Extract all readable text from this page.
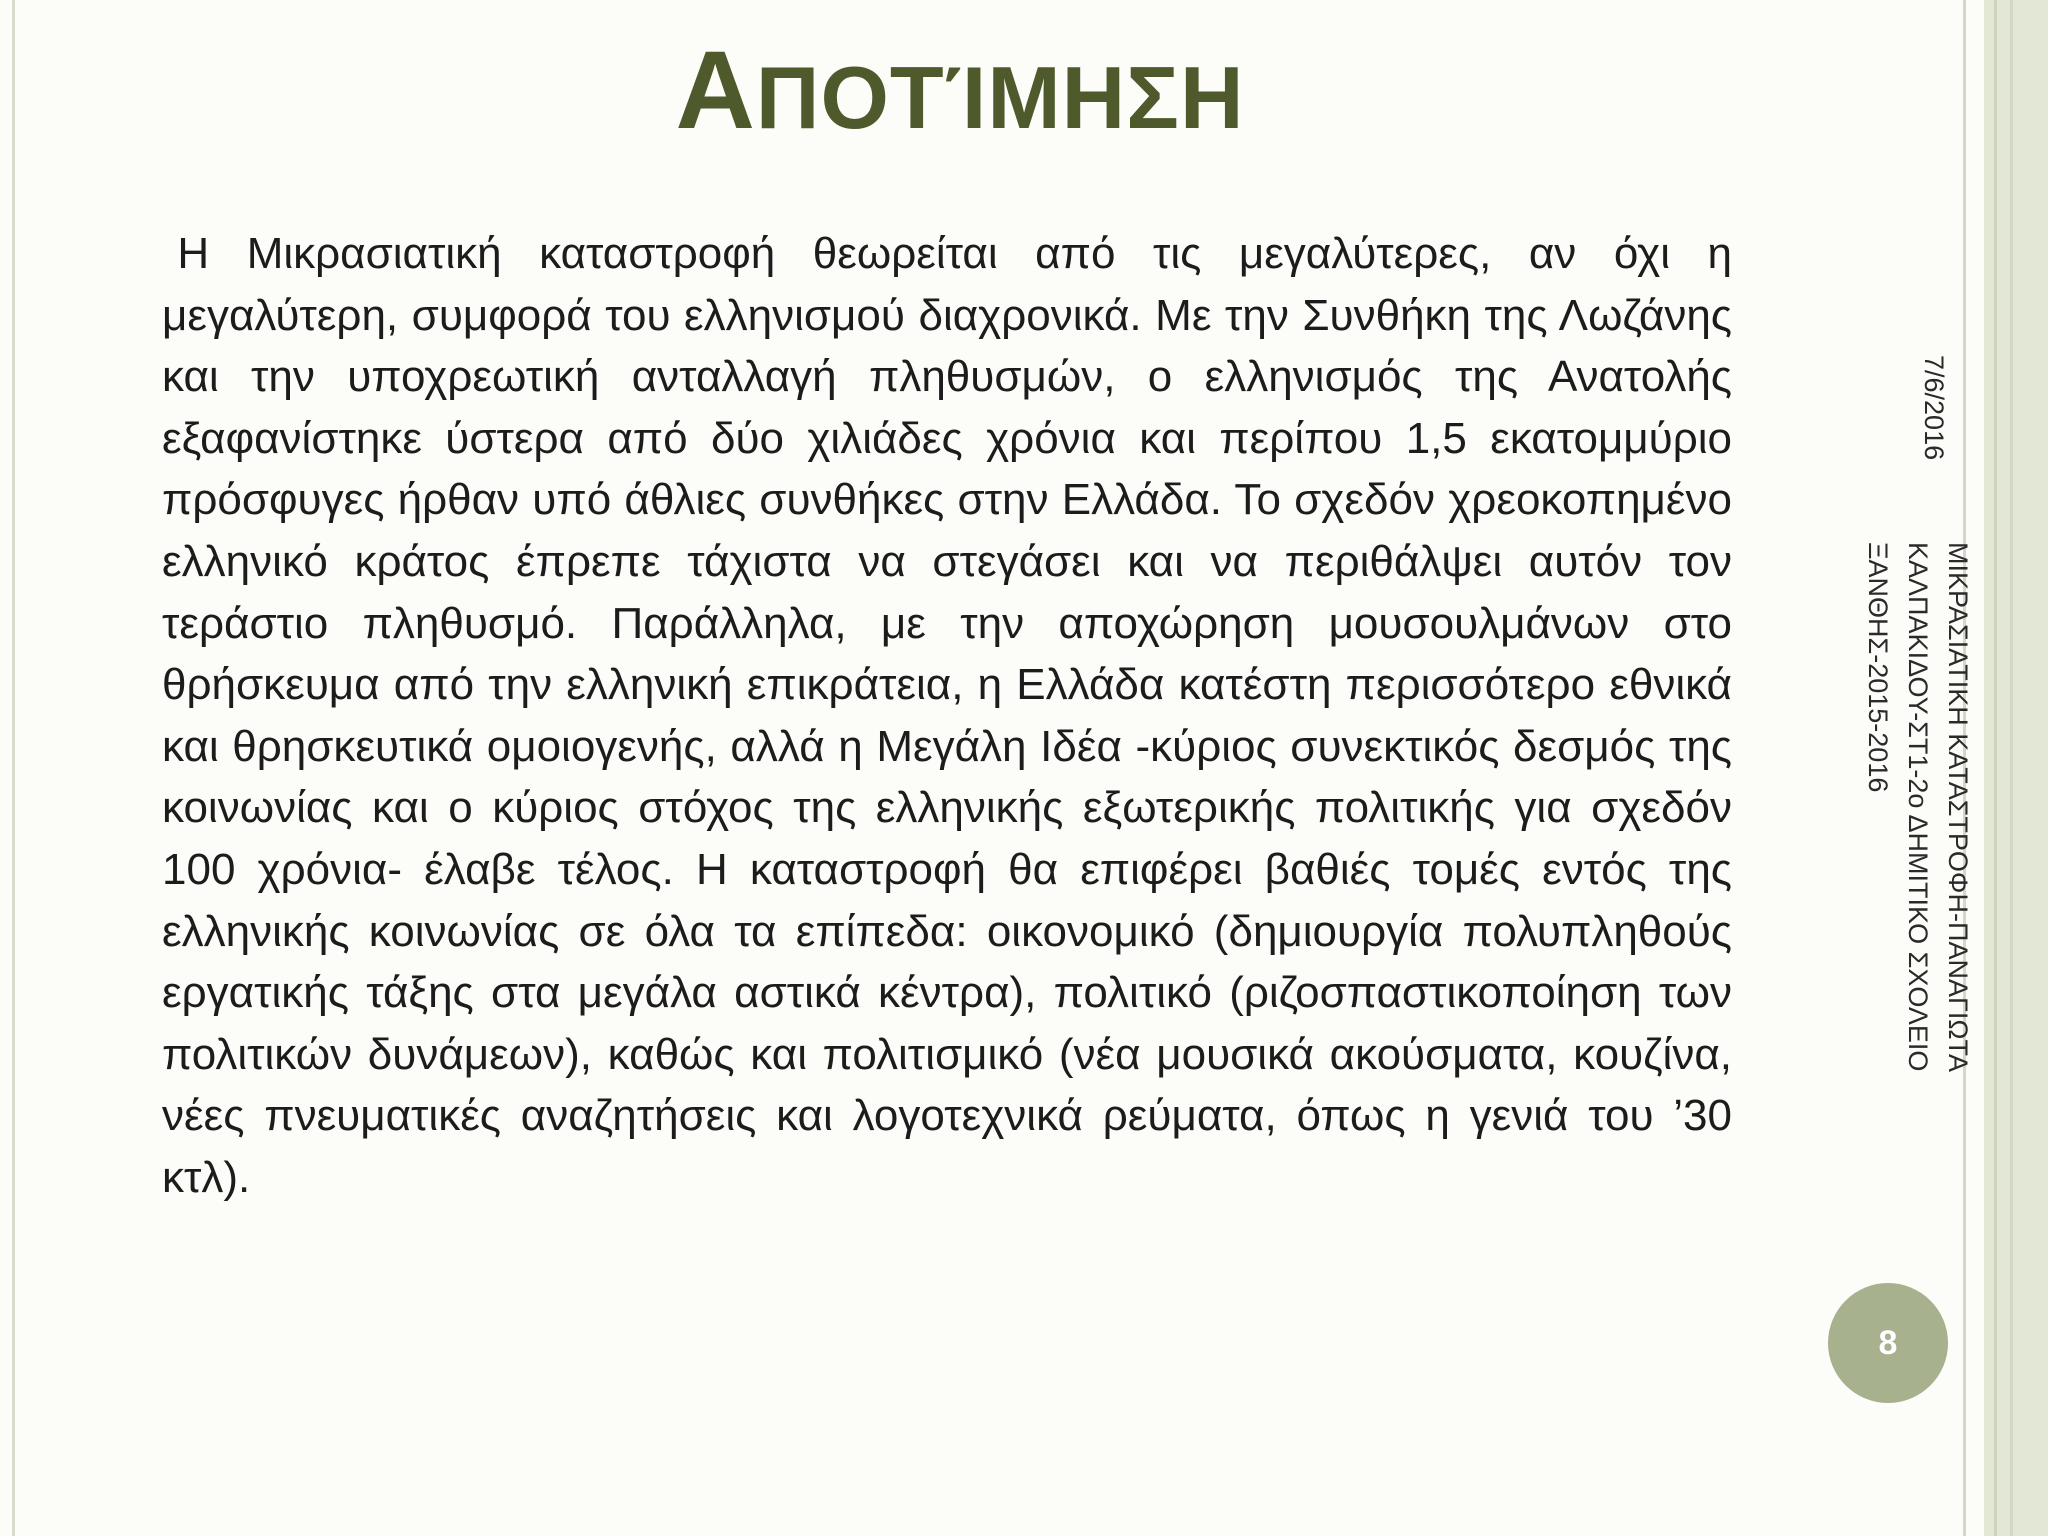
ΑΠΟΤΊΜΗΣΗ

Η Μικρασιατική καταστροφή θεωρείται από τις μεγαλύτερες, αν όχι η μεγαλύτερη, συμφορά του ελληνισμού διαχρονικά. Με την Συνθήκη της Λωζάνης και την υποχρεωτική ανταλλαγή πληθυσμών, ο ελληνισμός της Ανατολής εξαφανίστηκε ύστερα από δύο χιλιάδες χρόνια και περίπου 1,5 εκατομμύριο πρόσφυγες ήρθαν υπό άθλιες συνθήκες στην Ελλάδα. Το σχεδόν χρεοκοπημένο ελληνικό κράτος έπρεπε τάχιστα να στεγάσει και να περιθάλψει αυτόν τον τεράστιο πληθυσμό. Παράλληλα, με την αποχώρηση μουσουλμάνων στο θρήσκευμα από την ελληνική επικράτεια, η Ελλάδα κατέστη περισσότερο εθνικά και θρησκευτικά ομοιογενής, αλλά η Μεγάλη Ιδέα -κύριος συνεκτικός δεσμός της κοινωνίας και ο κύριος στόχος της ελληνικής εξωτερικής πολιτικής για σχεδόν 100 χρόνια- έλαβε τέλος. Η καταστροφή θα επιφέρει βαθιές τομές εντός της ελληνικής κοινωνίας σε όλα τα επίπεδα: οικονομικό (δημιουργία πολυπληθούς εργατικής τάξης στα μεγάλα αστικά κέντρα), πολιτικό (ριζοσπαστικοποίηση των πολιτικών δυνάμεων), καθώς και πολιτισμικό (νέα μουσικά ακούσματα, κουζίνα, νέες πνευματικές αναζητήσεις και λογοτεχνικά ρεύματα, όπως η γενιά του ’30 κτλ).

7/6/2016
ΜΙΚΡΑΣΙΑΤΙΚΗ ΚΑΤΑΣΤΡΟΦΗ-ΠΑΝΑΓΙΩΤΑ
ΚΑΛΠΑΚΙΔΟΥ-ΣΤ1-2ο ΔΗΜΙΤΙΚΟ ΣΧΟΛΕΙΟ
ΞΑΝΘΗΣ-2015-2016
8
